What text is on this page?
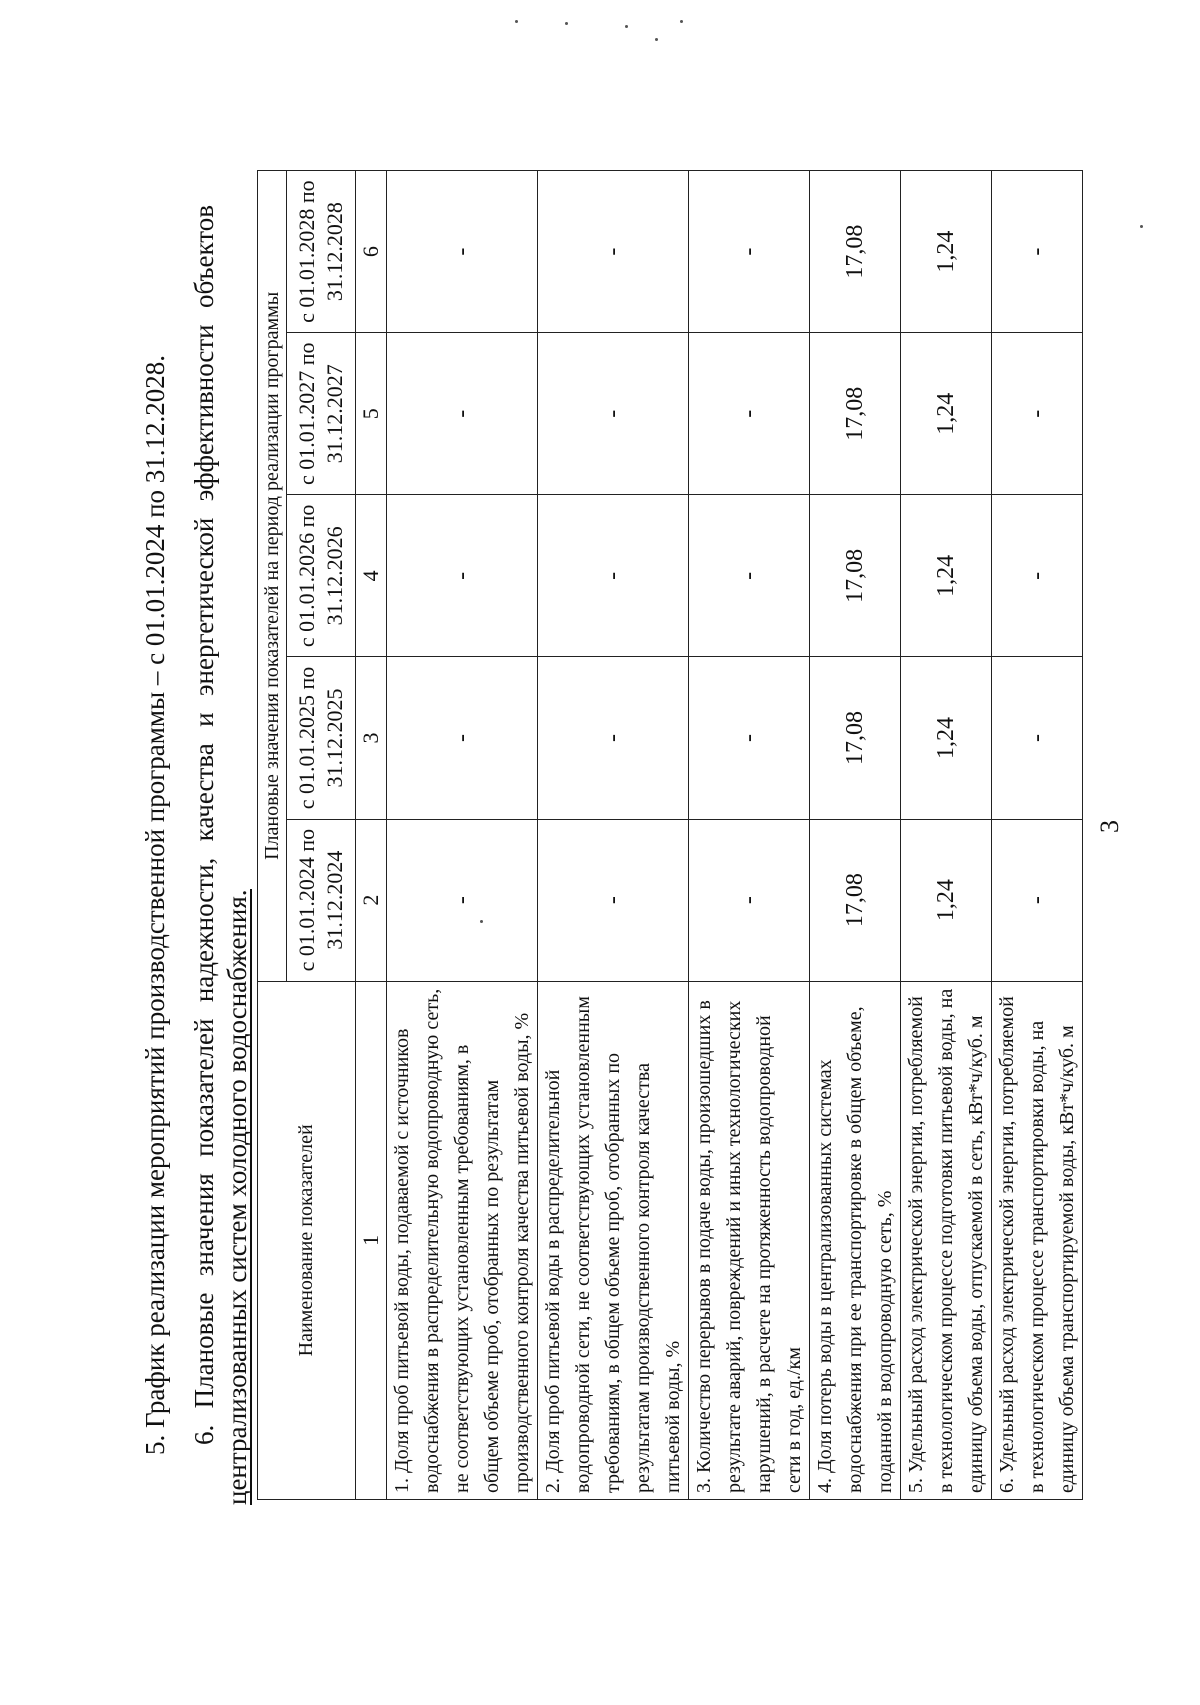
3
5. График реализации мероприятий производственной программы – с 01.01.2024 по 31.12.2028. 6. Плановые значения показателей надежности, качества и энергетической эффективности объектов централизованных систем холодного водоснабжения. Наименование показателей	Плановые значения показателей на период реализации программы				
	с 01.01.2024 по 31.12.2024	с 01.01.2025 по 31.12.2025	с 01.01.2026 по 31.12.2026	с 01.01.2027 по 31.12.2027	с 01.01.2028 по 31.12.2028
1	2	3	4	5	6
1. Доля проб питьевой воды, подаваемой с источников водоснабжения в распределительную водопроводную сеть, не соответствующих установленным требованиям, в общем объеме проб, отобранных по результатам производственного контроля качества питьевой воды, %	-	-	-	-	-
2. Доля проб питьевой воды в распределительной водопроводной сети, не соответствующих установленным требованиям, в общем объеме проб, отобранных по результатам производственного контроля качества питьевой воды, %	-	-	-	-	-
3. Количество перерывов в подаче воды, произошедших в результате аварий, повреждений и иных технологических нарушений, в расчете на протяженность водопроводной сети в год, ед./км	-	-	-	-	-
4. Доля потерь воды в централизованных системах водоснабжения при ее транспортировке в общем объеме, поданной в водопроводную сеть, %	17,08	17,08	17,08	17,08	17,08
5. Удельный расход электрической энергии, потребляемой в технологическом процессе подготовки питьевой воды, на единицу объема воды, отпускаемой в сеть, кВт*ч/куб. м	1,24	1,24	1,24	1,24	1,24
6. Удельный расход электрической энергии, потребляемой в технологическом процессе транспортировки воды, на единицу объема транспортируемой воды, кВт*ч/куб. м	-	-	-	-	-
